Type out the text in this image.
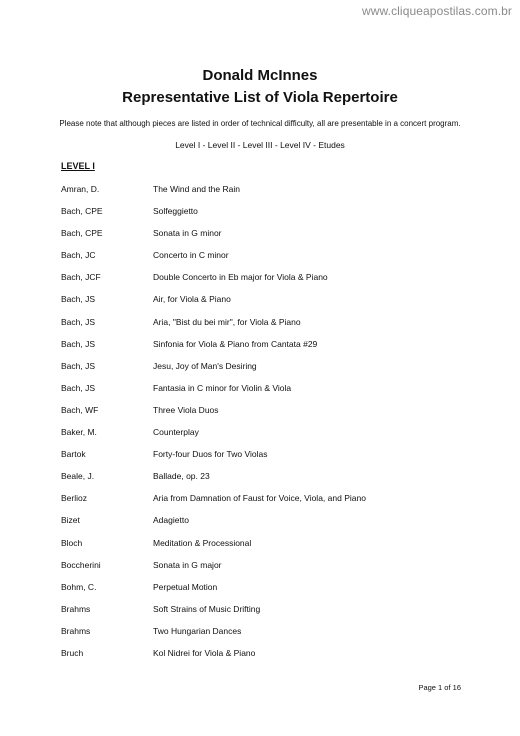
www.cliqueapostilas.com.br
Donald McInnes
Representative List of Viola Repertoire
Please note that although pieces are listed in order of technical difficulty, all are presentable in a concert program.
Level I - Level II - Level III - Level IV - Etudes
LEVEL I
Amran, D.	The Wind and the Rain
Bach, CPE	Solfeggietto
Bach, CPE	Sonata in G minor
Bach, JC	Concerto in C minor
Bach, JCF	Double Concerto in Eb major for Viola & Piano
Bach, JS	Air, for Viola & Piano
Bach, JS	Aria, "Bist du bei mir", for Viola & Piano
Bach, JS	Sinfonia for Viola & Piano from Cantata #29
Bach, JS	Jesu, Joy of Man's Desiring
Bach, JS	Fantasia in C minor for Violin & Viola
Bach, WF	Three Viola Duos
Baker, M.	Counterplay
Bartok	Forty-four Duos for Two Violas
Beale, J.	Ballade, op. 23
Berlioz	Aria from Damnation of Faust for Voice, Viola, and Piano
Bizet	Adagietto
Bloch	Meditation & Processional
Boccherini	Sonata in G major
Bohm, C.	Perpetual Motion
Brahms	Soft Strains of Music Drifting
Brahms	Two Hungarian Dances
Bruch	Kol Nidrei for Viola & Piano
Page 1 of 16
